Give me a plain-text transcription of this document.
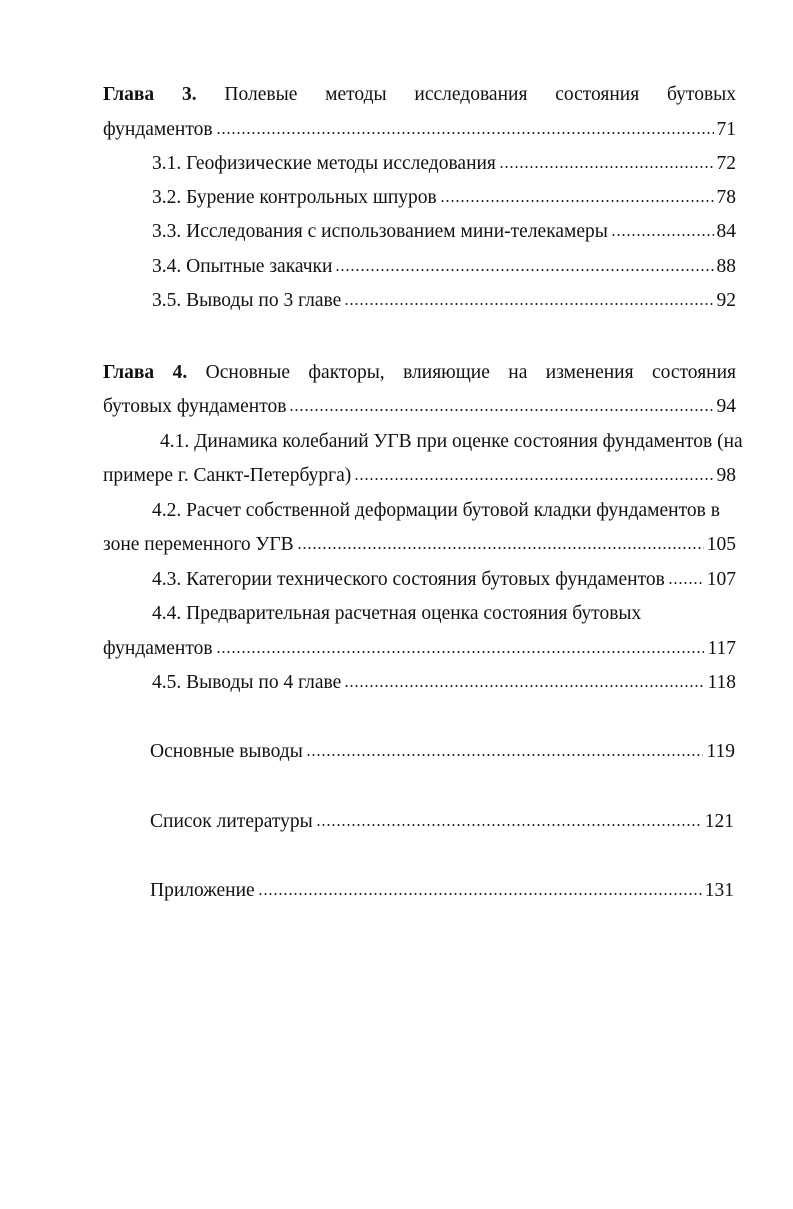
Глава 3. Полевые методы исследования состояния бутовых
фундаментов	71
3.1. Геофизические методы исследования	72
3.2. Бурение контрольных шпуров	78
3.3. Исследования с использованием мини-телекамеры	84
3.4. Опытные закачки	88
3.5. Выводы по 3 главе	92
Глава 4. Основные факторы, влияющие на изменения состояния
бутовых фундаментов	94
4.1. Динамика колебаний УГВ при оценке состояния фундаментов (на
примере г. Санкт-Петербурга)	98
4.2. Расчет собственной деформации бутовой кладки фундаментов в
зоне переменного УГВ	105
4.3. Категории технического состояния бутовых фундаментов 107
4.4. Предварительная расчетная оценка состояния бутовых
фундаментов	117
4.5. Выводы по 4 главе	118
Основные выводы	119
Список литературы	121
Приложение	131
